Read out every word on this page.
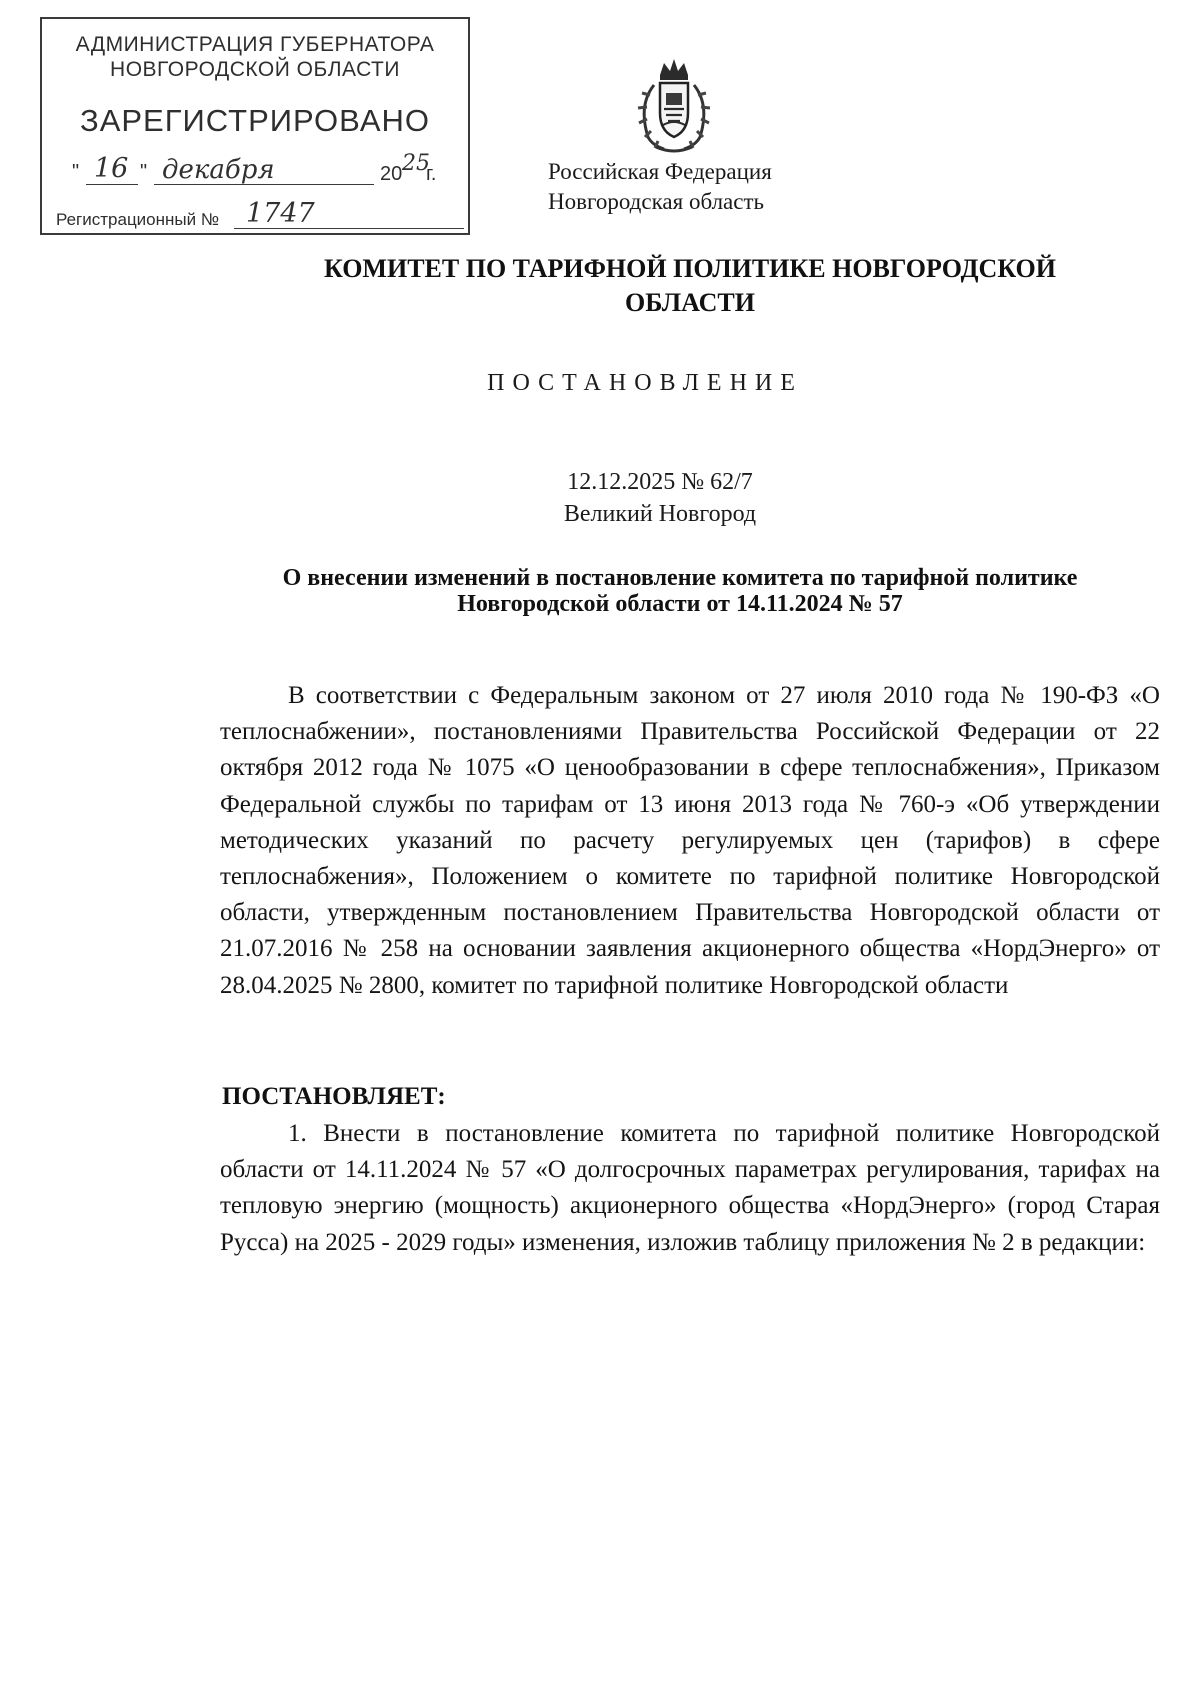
АДМИНИСТРАЦИЯ ГУБЕРНАТОРА
НОВГОРОДСКОЙ ОБЛАСТИ
ЗАРЕГИСТРИРОВАНО
" 16 " декабря	20 25
г.
Регистрационный № 1747
Российская Федерация
Новгородская область
КОМИТЕТ ПО ТАРИФНОЙ ПОЛИТИКЕ НОВГОРОДСКОЙ
ОБЛАСТИ
ПОСТАНОВЛЕНИЕ
12.12.2025 № 62/7
Великий Новгород
О внесении изменений в постановление комитета по тарифной политике
Новгородской области от 14.11.2024 № 57
В соответствии с Федеральным законом от 27 июля 2010 года № 190-ФЗ «О теплоснабжении», постановлениями Правительства Российской Федерации от 22 октября 2012 года № 1075 «О ценообразовании в сфере теплоснабжения», Приказом Федеральной службы по тарифам от 13 июня 2013 года № 760-э «Об утверждении методических указаний по расчету регулируемых цен (тарифов) в сфере теплоснабжения», Положением о комитете по тарифной политике Новгородской области, утвержденным постановлением Правительства Новгородской области от 21.07.2016 № 258 на основании заявления акционерного общества «НордЭнерго» от 28.04.2025 № 2800, комитет по тарифной политике Новгородской области
ПОСТАНОВЛЯЕТ:
1. Внести в постановление комитета по тарифной политике Новгородской области от 14.11.2024 № 57 «О долгосрочных параметрах регулирования, тарифах на тепловую энергию (мощность) акционерного общества «НордЭнерго» (город Старая Русса) на 2025 - 2029 годы» изменения, изложив таблицу приложения № 2 в редакции:
